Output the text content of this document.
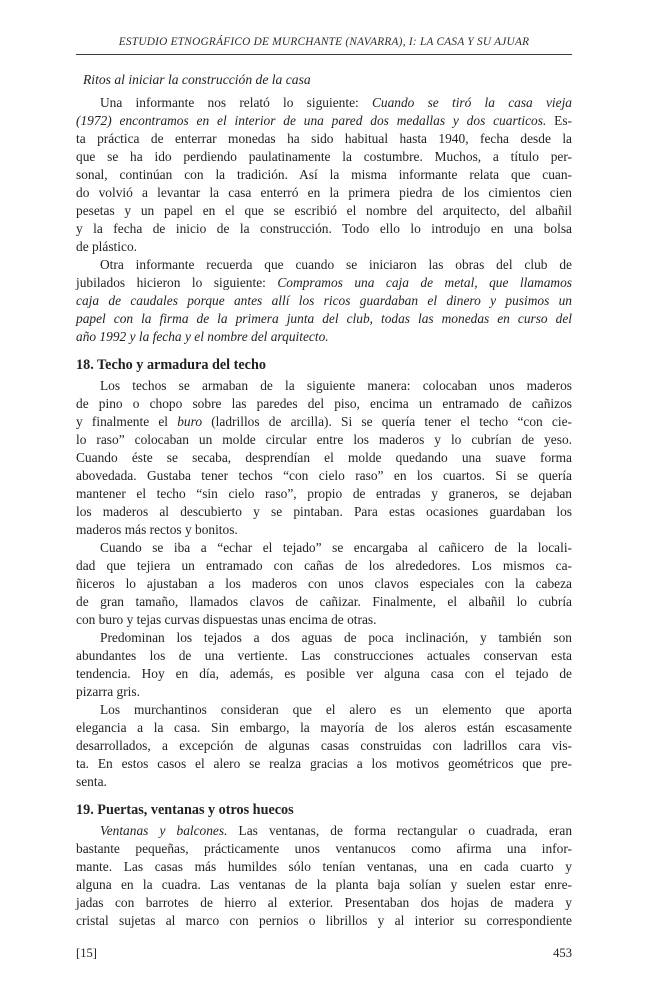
ESTUDIO ETNOGRÁFICO DE MURCHANTE (NAVARRA), I: LA CASA Y SU AJUAR
Ritos al iniciar la construcción de la casa
Una informante nos relató lo siguiente: Cuando se tiró la casa vieja
(1972) encontramos en el interior de una pared dos medallas y dos cuarticos. Es-
ta práctica de enterrar monedas ha sido habitual hasta 1940, fecha desde la
que se ha ido perdiendo paulatinamente la costumbre. Muchos, a título per-
sonal, continúan con la tradición. Así la misma informante relata que cuan-
do volvió a levantar la casa enterró en la primera piedra de los cimientos cien
pesetas y un papel en el que se escribió el nombre del arquitecto, del albañil
y la fecha de inicio de la construcción. Todo ello lo introdujo en una bolsa
de plástico.
Otra informante recuerda que cuando se iniciaron las obras del club de
jubilados hicieron lo siguiente: Compramos una caja de metal, que llamamos
caja de caudales porque antes allí los ricos guardaban el dinero y pusimos un
papel con la firma de la primera junta del club, todas las monedas en curso del
año 1992 y la fecha y el nombre del arquitecto.
18. Techo y armadura del techo
Los techos se armaban de la siguiente manera: colocaban unos maderos
de pino o chopo sobre las paredes del piso, encima un entramado de cañizos
y finalmente el buro (ladrillos de arcilla). Si se quería tener el techo “con cie-
lo raso” colocaban un molde circular entre los maderos y lo cubrían de yeso.
Cuando éste se secaba, desprendían el molde quedando una suave forma
abovedada. Gustaba tener techos “con cielo raso” en los cuartos. Si se quería
mantener el techo “sin cielo raso”, propio de entradas y graneros, se dejaban
los maderos al descubierto y se pintaban. Para estas ocasiones guardaban los
maderos más rectos y bonitos.
Cuando se iba a “echar el tejado” se encargaba al cañicero de la locali-
dad que tejiera un entramado con cañas de los alrededores. Los mismos ca-
ñiceros lo ajustaban a los maderos con unos clavos especiales con la cabeza
de gran tamaño, llamados clavos de cañizar. Finalmente, el albañil lo cubría
con buro y tejas curvas dispuestas unas encima de otras.
Predominan los tejados a dos aguas de poca inclinación, y también son
abundantes los de una vertiente. Las construcciones actuales conservan esta
tendencia. Hoy en día, además, es posible ver alguna casa con el tejado de
pizarra gris.
Los murchantinos consideran que el alero es un elemento que aporta
elegancia a la casa. Sin embargo, la mayoría de los aleros están escasamente
desarrollados, a excepción de algunas casas construidas con ladrillos cara vis-
ta. En estos casos el alero se realza gracias a los motivos geométricos que pre-
senta.
19. Puertas, ventanas y otros huecos
Ventanas y balcones. Las ventanas, de forma rectangular o cuadrada, eran
bastante pequeñas, prácticamente unos ventanucos como afirma una infor-
mante. Las casas más humildes sólo tenían ventanas, una en cada cuarto y
alguna en la cuadra. Las ventanas de la planta baja solían y suelen estar enre-
jadas con barrotes de hierro al exterior. Presentaban dos hojas de madera y
cristal sujetas al marco con pernios o librillos y al interior su correspondiente
[15]	453
